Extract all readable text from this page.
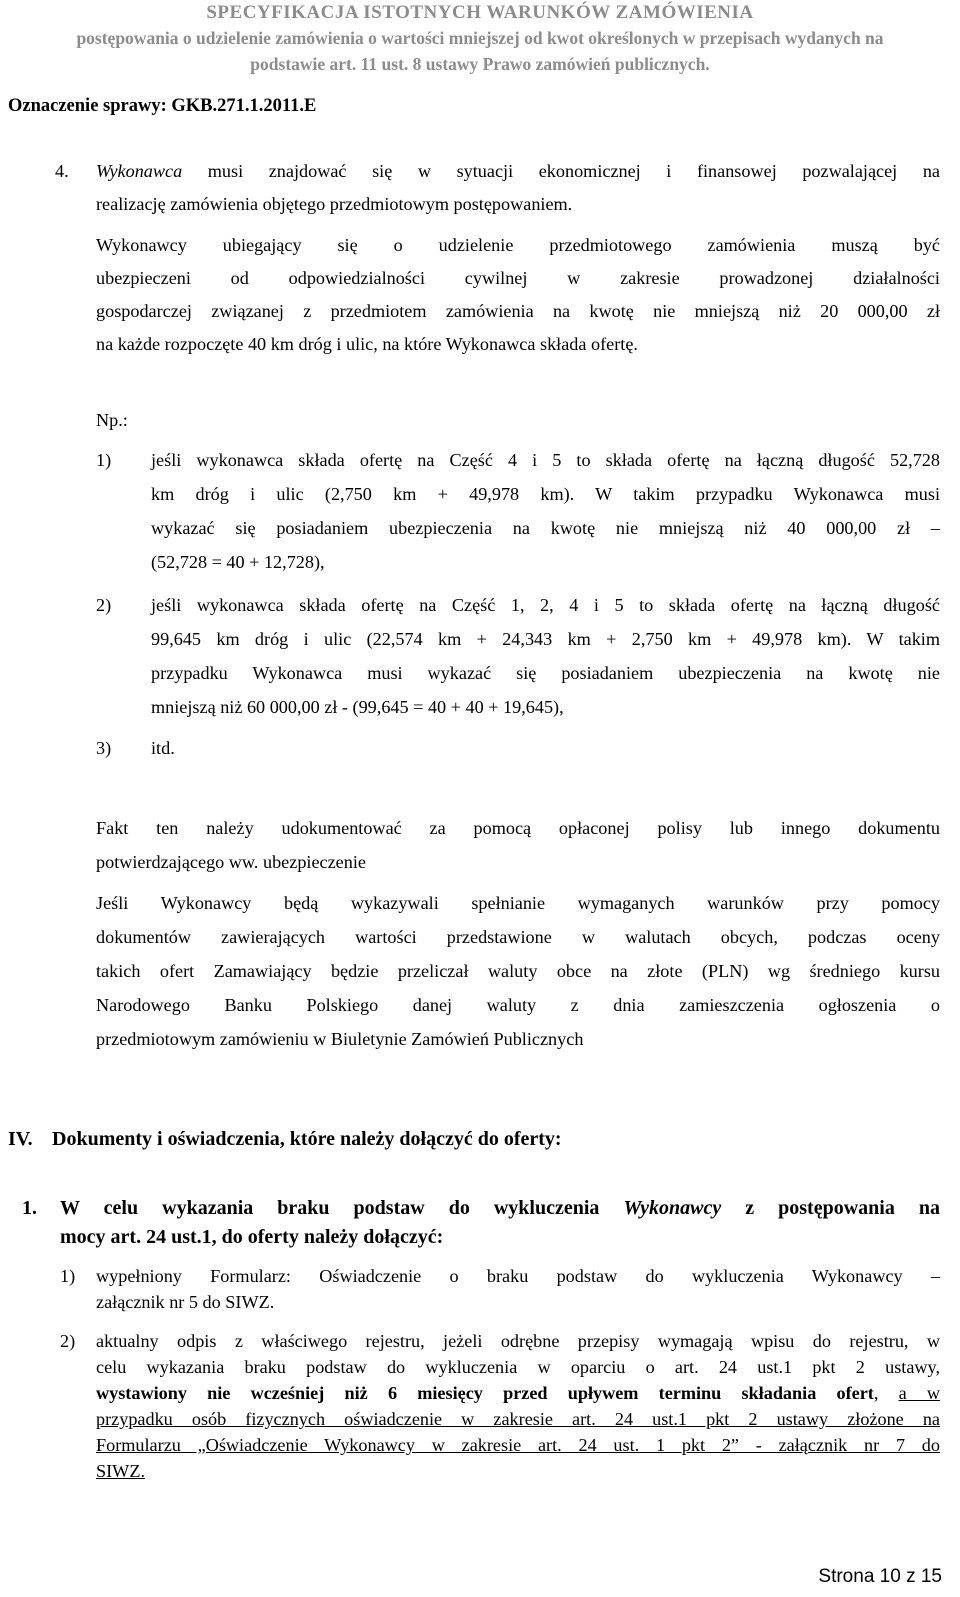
SPECYFIKACJA ISTOTNYCH WARUNKÓW ZAMÓWIENIA
postępowania o udzielenie zamówienia o wartości mniejszej od kwot określonych w przepisach wydanych na
podstawie art. 11 ust. 8 ustawy Prawo zamówień publicznych.
Oznaczenie sprawy: GKB.271.1.2011.E
4. Wykonawca musi znajdować się w sytuacji ekonomicznej i finansowej pozwalającej na
realizację zamówienia objętego przedmiotowym postępowaniem.
Wykonawcy ubiegający się o udzielenie przedmiotowego zamówienia muszą być
ubezpieczeni od odpowiedzialności cywilnej w zakresie prowadzonej działalności
gospodarczej związanej z przedmiotem zamówienia na kwotę nie mniejszą niż 20 000,00 zł
na każde rozpoczęte 40 km dróg i ulic, na które Wykonawca składa ofertę.
Np.:
1) jeśli wykonawca składa ofertę na Część 4 i 5 to składa ofertę na łączną długość 52,728
km dróg i ulic (2,750 km + 49,978 km). W takim przypadku Wykonawca musi
wykazać się posiadaniem ubezpieczenia na kwotę nie mniejszą niż 40 000,00 zł –
(52,728 = 40 + 12,728),
2) jeśli wykonawca składa ofertę na Część 1, 2, 4 i 5 to składa ofertę na łączną długość
99,645 km dróg i ulic (22,574 km + 24,343 km + 2,750 km + 49,978 km). W takim
przypadku Wykonawca musi wykazać się posiadaniem ubezpieczenia na kwotę nie
mniejszą niż 60 000,00 zł - (99,645 = 40 + 40 + 19,645),
3) itd.
Fakt ten należy udokumentować za pomocą opłaconej polisy lub innego dokumentu
potwierdzającego ww. ubezpieczenie
Jeśli Wykonawcy będą wykazywali spełnianie wymaganych warunków przy pomocy
dokumentów zawierających wartości przedstawione w walutach obcych, podczas oceny
takich ofert Zamawiający będzie przeliczał waluty obce na złote (PLN) wg średniego kursu
Narodowego Banku Polskiego danej waluty z dnia zamieszczenia ogłoszenia o
przedmiotowym zamówieniu w Biuletynie Zamówień Publicznych
IV. Dokumenty i oświadczenia, które należy dołączyć do oferty:
1. W celu wykazania braku podstaw do wykluczenia Wykonawcy z postępowania na
mocy art. 24 ust.1, do oferty należy dołączyć:
1) wypełniony Formularz: Oświadczenie o braku podstaw do wykluczenia Wykonawcy –
załącznik nr 5 do SIWZ.
2) aktualny odpis z właściwego rejestru, jeżeli odrębne przepisy wymagają wpisu do rejestru, w
celu wykazania braku podstaw do wykluczenia w oparciu o art. 24 ust.1 pkt 2 ustawy,
wystawiony nie wcześniej niż 6 miesięcy przed upływem terminu składania ofert, a w
przypadku osób fizycznych oświadczenie w zakresie art. 24 ust.1 pkt 2 ustawy złożone na
Formularzu „Oświadczenie Wykonawcy w zakresie art. 24 ust. 1 pkt 2” - załącznik nr 7 do
SIWZ.
Strona 10 z 15
